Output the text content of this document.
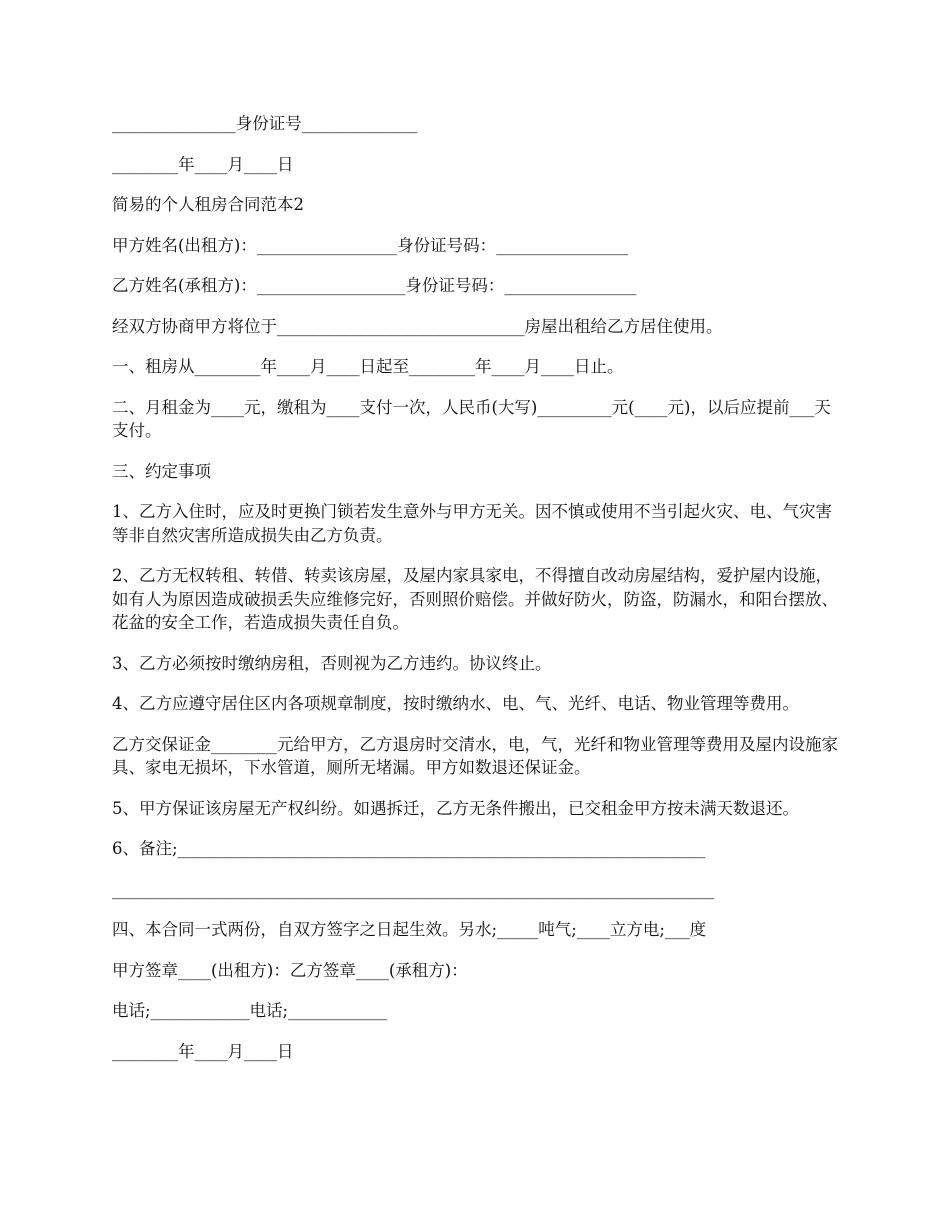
_______________身份证号______________

________年____月____日

简易的个人租房合同范本2

甲方姓名(出租方)：_________________身份证号码：________________

乙方姓名(承租方)：__________________身份证号码：________________

经双方协商甲方将位于______________________________房屋出租给乙方居住使用。

一、租房从________年____月____日起至________年____月____日止。

二、月租金为____元，缴租为____支付一次，人民币(大写)_________元(____元)，以后应提前___天支付。

三、约定事项

1、乙方入住时，应及时更换门锁若发生意外与甲方无关。因不慎或使用不当引起火灾、电、气灾害等非自然灾害所造成损失由乙方负责。

2、乙方无权转租、转借、转卖该房屋，及屋内家具家电，不得擅自改动房屋结构，爱护屋内设施，如有人为原因造成破损丢失应维修完好，否则照价赔偿。并做好防火，防盗，防漏水，和阳台摆放、花盆的安全工作，若造成损失责任自负。

3、乙方必须按时缴纳房租，否则视为乙方违约。协议终止。

4、乙方应遵守居住区内各项规章制度，按时缴纳水、电、气、光纤、电话、物业管理等费用。

乙方交保证金________元给甲方，乙方退房时交清水，电，气，光纤和物业管理等费用及屋内设施家具、家电无损坏，下水管道，厕所无堵漏。甲方如数退还保证金。

5、甲方保证该房屋无产权纠纷。如遇拆迁，乙方无条件搬出，已交租金甲方按未满天数退还。

6、备注;________________________________________________________________

_________________________________________________________________________

四、本合同一式两份，自双方签字之日起生效。另水;_____吨气;____立方电;___度

甲方签章____(出租方)：乙方签章____(承租方)：

电话;____________电话;____________

________年____月____日
